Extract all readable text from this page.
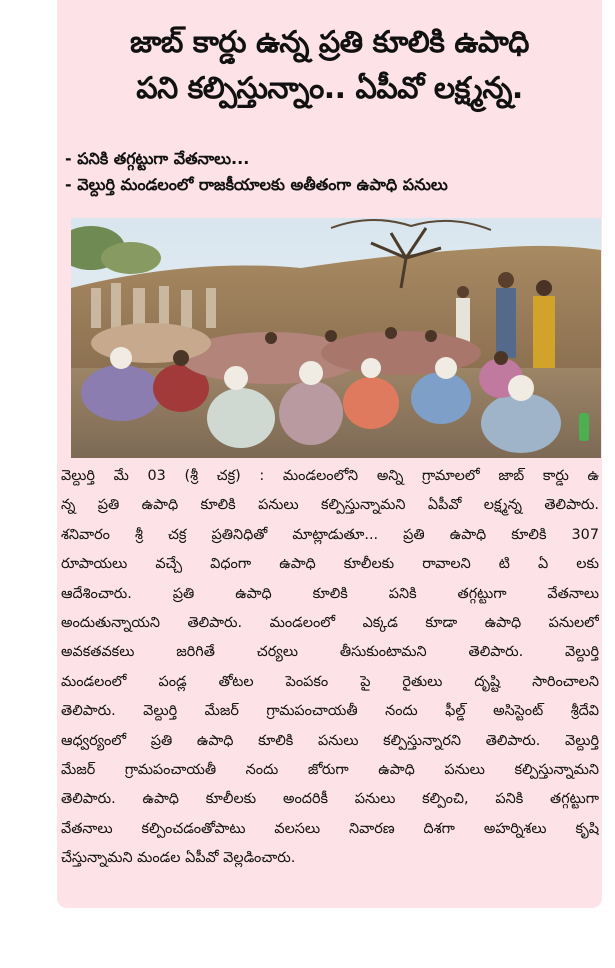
జాబ్ కార్డు ఉన్న ప్రతి కూలికి ఉపాధి
పని కల్పిస్తున్నాం.. ఏపీవో లక్ష్మన్న.
- పనికి తగ్గట్టుగా వేతనాలు...
- వెల్దుర్తి మండలంలో రాజకీయాలకు అతీతంగా ఉపాధి పనులు
వెల్దుర్తి మే 03 (శ్రీ చక్ర) : మండలంలోని అన్ని గ్రామాలలో జాబ్ కార్డు ఉ
న్న ప్రతి ఉపాధి కూలికి పనులు కల్పిస్తున్నామని ఏపీవో లక్ష్మన్న తెలిపారు.
శనివారం శ్రీ చక్ర ప్రతినిధితో మాట్లాడుతూ... ప్రతి ఉపాధి కూలికి 307
రూపాయలు వచ్చే విధంగా ఉపాధి కూలీలకు రావాలని టి ఏ లకు
ఆదేశించారు. ప్రతి ఉపాధి కూలికి పనికి తగ్గట్టుగా వేతనాలు
అందుతున్నాయని తెలిపారు. మండలంలో ఎక్కడ కూడా ఉపాధి పనులలో
అవకతవకలు జరిగితే చర్యలు తీసుకుంటామని తెలిపారు. వెల్దుర్తి
మండలంలో పండ్ల తోటల పెంపకం పై రైతులు దృష్టి సారించాలని
తెలిపారు. వెల్దుర్తి మేజర్ గ్రామపంచాయతీ నందు ఫీల్డ్ అసిస్టెంట్ శ్రీదేవి
ఆధ్వర్యంలో ప్రతి ఉపాధి కూలికి పనులు కల్పిస్తున్నారని తెలిపారు. వెల్దుర్తి
మేజర్ గ్రామపంచాయతీ నందు జోరుగా ఉపాధి పనులు కల్పిస్తున్నామని
తెలిపారు. ఉపాధి కూలీలకు అందరికీ పనులు కల్పించి, పనికి తగ్గట్టుగా
వేతనాలు కల్పించడంతోపాటు వలసలు నివారణ దిశగా అహర్నిశలు కృషి
చేస్తున్నామని మండల ఏపీవో వెల్లడించారు.
